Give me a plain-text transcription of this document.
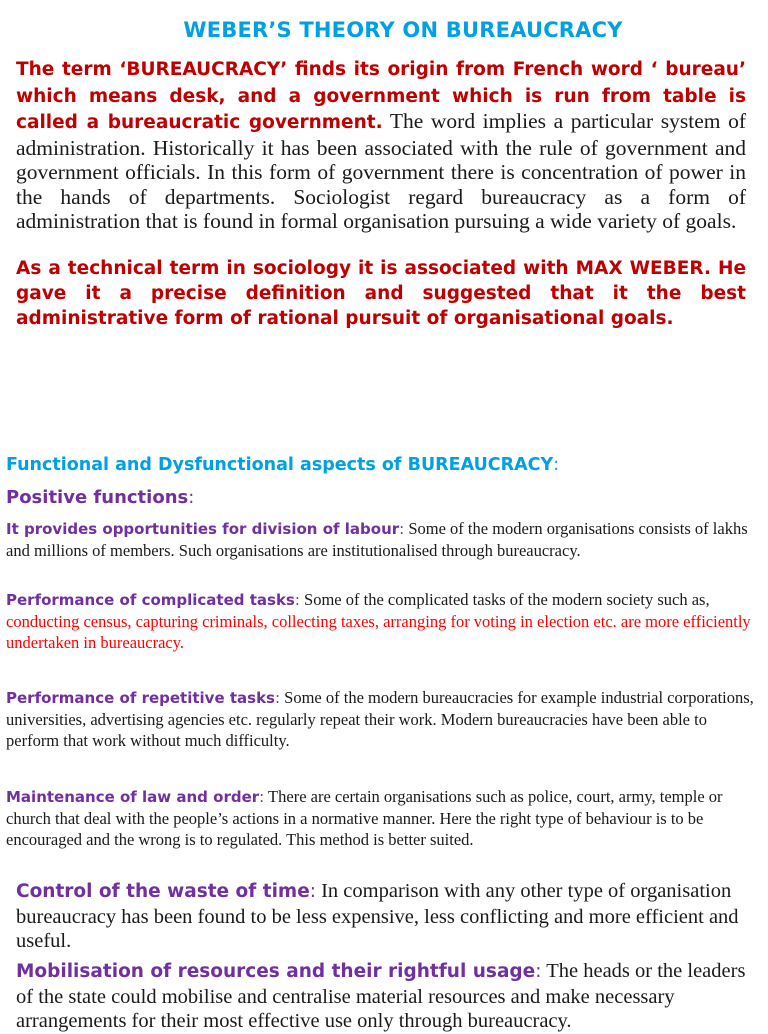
WEBER’S THEORY ON BUREAUCRACY

The term ‘BUREAUCRACY’ finds its origin from French word ‘ bureau’ which means desk, and a government which is run from table is called a bureaucratic government. The word implies a particular system of administration. Historically it has been associated with the rule of government and government officials. In this form of government there is concentration of power in the hands of departments. Sociologist regard bureaucracy as a form of administration that is found in formal organisation pursuing a wide variety of goals.

As a technical term in sociology it is associated with MAX WEBER. He gave it a precise definition and suggested that it the best administrative form of rational pursuit of organisational goals.

Functional and Dysfunctional aspects of BUREAUCRACY:
Positive functions:

It provides opportunities for division of labour: Some of the modern organisations consists of lakhs and millions of members. Such organisations are institutionalised through bureaucracy.

Performance of complicated tasks: Some of the complicated tasks of the modern society such as, conducting census, capturing criminals, collecting taxes, arranging for voting in election etc. are more efficiently undertaken in bureaucracy.

Performance of repetitive tasks: Some of the modern bureaucracies for example industrial corporations, universities, advertising agencies etc. regularly repeat their work. Modern bureaucracies have been able to perform that work without much difficulty.

Maintenance of law and order: There are certain organisations such as police, court, army, temple or church that deal with the people’s actions in a normative manner. Here the right type of behaviour is to be encouraged and the wrong is to regulated. This method is better suited.

Control of the waste of time: In comparison with any other type of organisation bureaucracy has been found to be less expensive, less conflicting and more efficient and useful.

Mobilisation of resources and their rightful usage: The heads or the leaders of the state could mobilise and centralise material resources and make necessary arrangements for their most effective use only through bureaucracy.
